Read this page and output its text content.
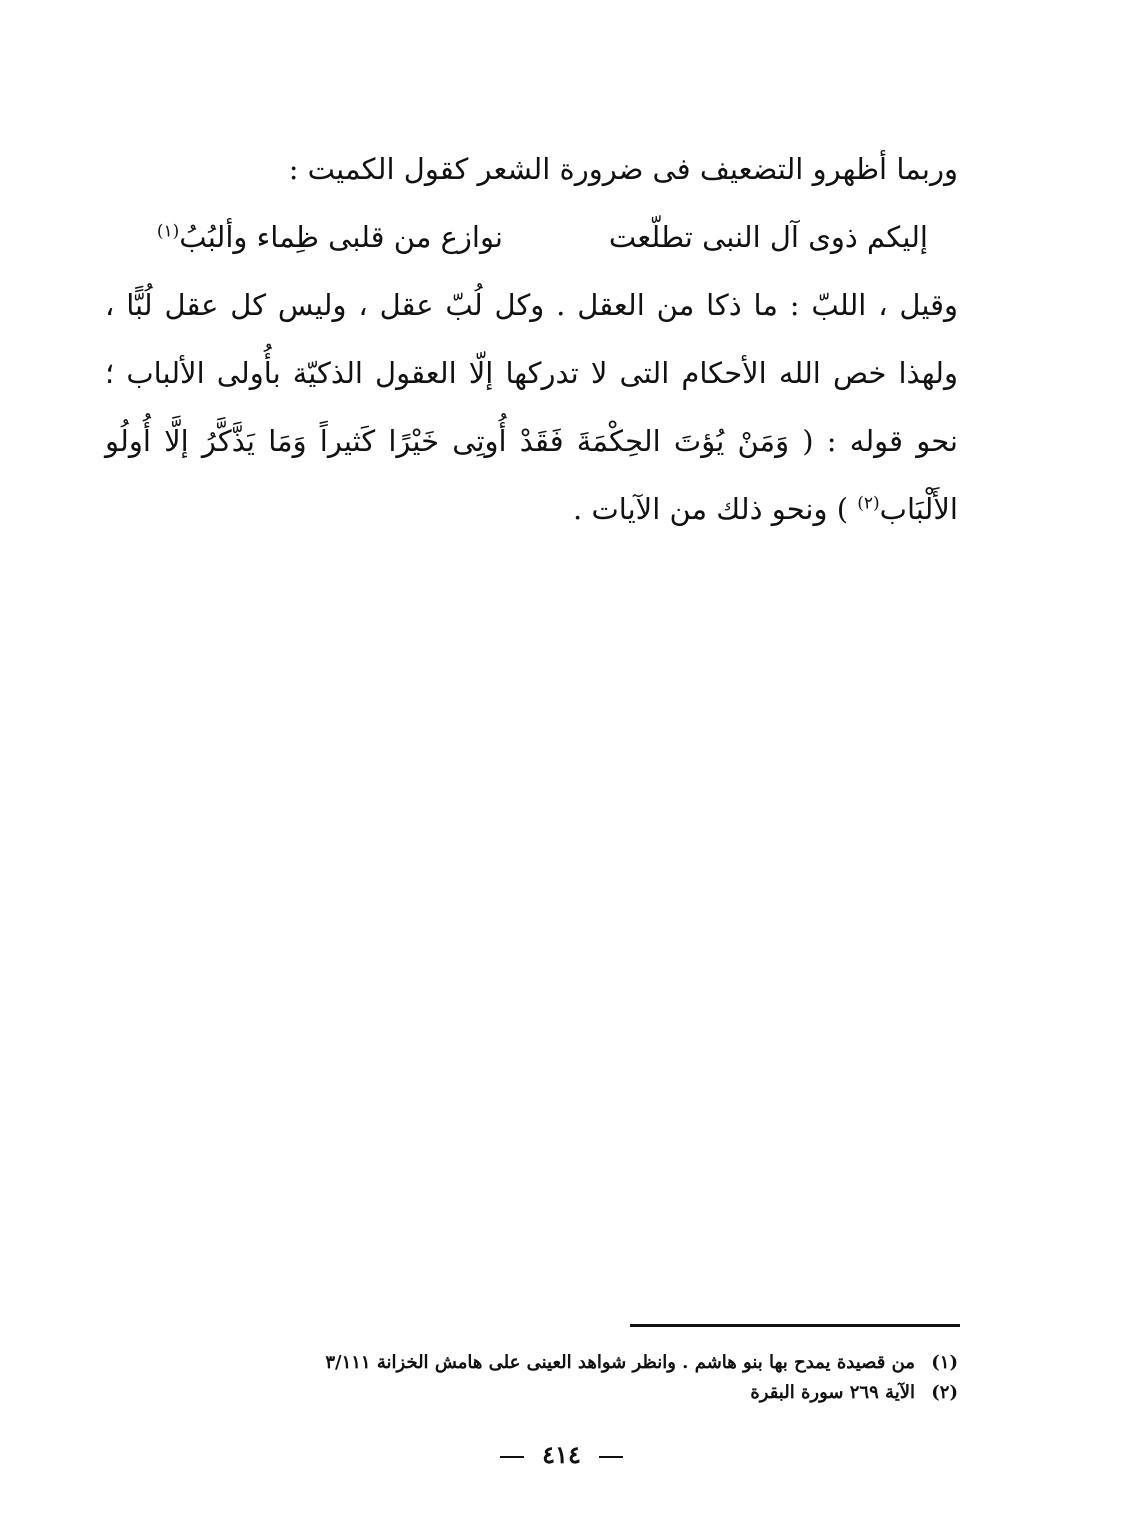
وربما أظهرو التضعيف فى ضرورة الشعر كقول الكميت :
إليكم ذوى آل النبى تطلّعت
نوازع من قلبى ظِماء وألبُبُ$^{(١)}$
وقيل ، اللبّ : ما ذكا من العقل . وكل لُبّ عقل ، وليس كل عقل لُبًّا ،
ولهذا خص الله الأحكام التى لا تدركها إلّا العقول الذكيّة بأُولى الألباب ؛
نحو قوله : ( وَمَنْ يُؤتَ الحِكْمَةَ فَقَدْ أُوتِى خَيْرًا كَثيراً وَمَا يَذَّكَّرُ إلَّا أُولُو
الأَلْبَاب$^{(٢)}$ ) ونحو ذلك من الآيات .
(١) من قصيدة يمدح بها بنو هاشم . وانظر شواهد العينى على هامش الخزانة ٣/١١١
(٢) الآية ٢٦٩ سورة البقرة
٤١٤
